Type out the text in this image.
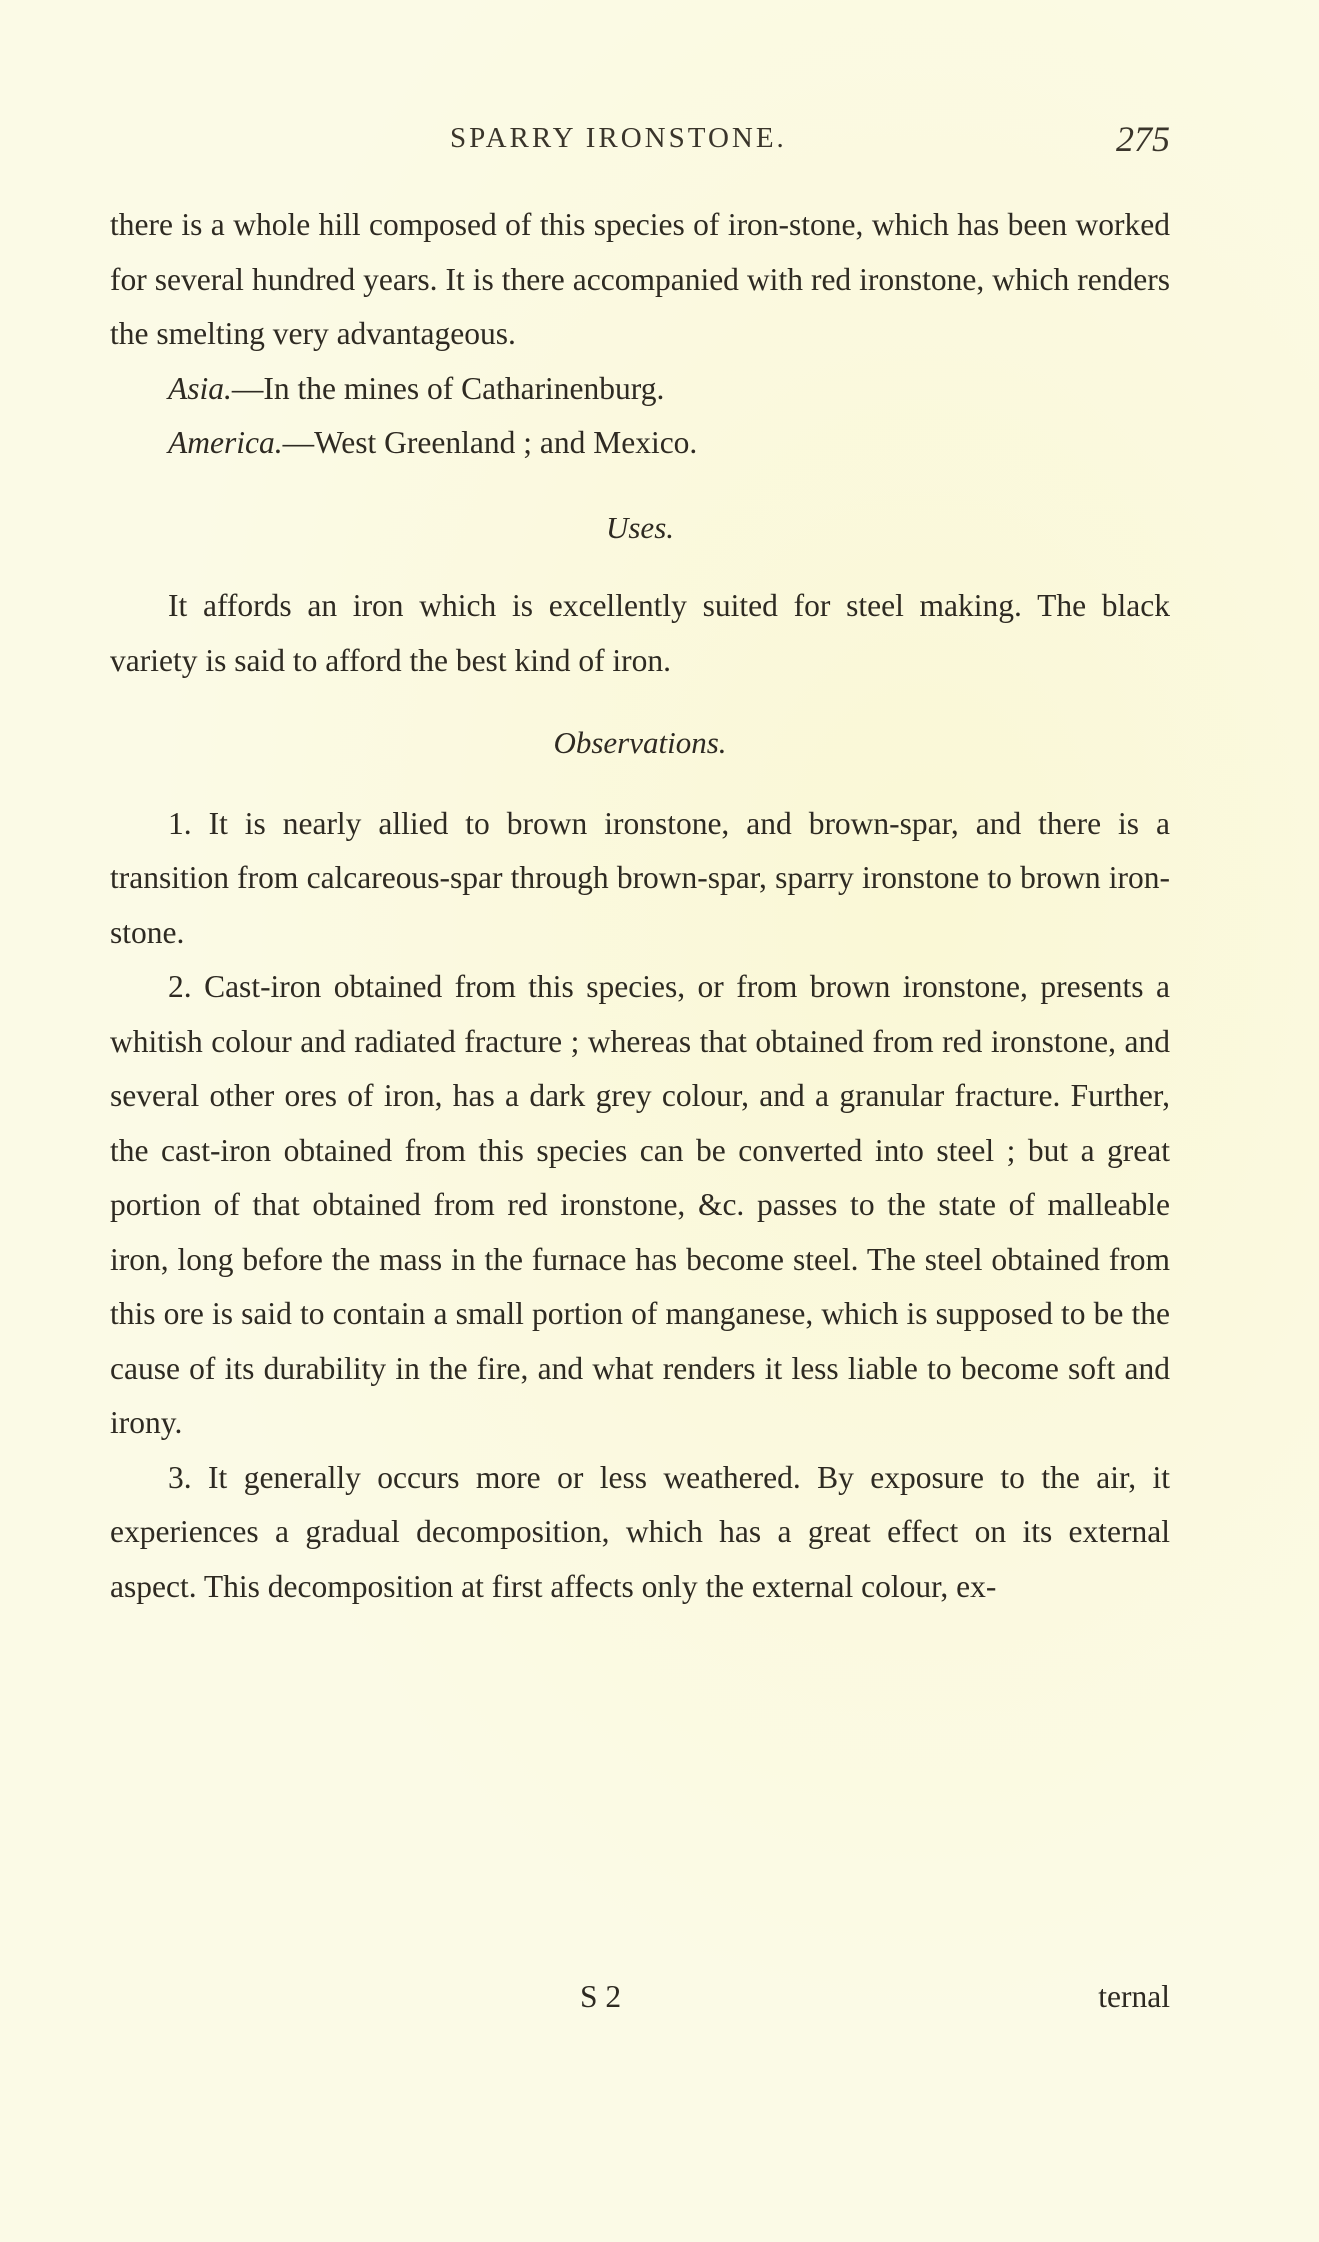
SPARRY IRONSTONE.	275

there is a whole hill composed of this species of iron-stone, which has been worked for several hundred years. It is there accompanied with red ironstone, which renders the smelting very advantageous.

Asia.—In the mines of Catharinenburg.

America.—West Greenland ; and Mexico.

Uses.

It affords an iron which is excellently suited for steel making. The black variety is said to afford the best kind of iron.

Observations.

1. It is nearly allied to brown ironstone, and brown-spar, and there is a transition from calcareous-spar through brown-spar, sparry ironstone to brown iron-stone.

2. Cast-iron obtained from this species, or from brown ironstone, presents a whitish colour and radiated fracture ; whereas that obtained from red ironstone, and several other ores of iron, has a dark grey colour, and a granular fracture. Further, the cast-iron obtained from this species can be converted into steel ; but a great portion of that obtained from red ironstone, &c. passes to the state of malleable iron, long before the mass in the furnace has become steel. The steel obtained from this ore is said to contain a small portion of manganese, which is supposed to be the cause of its durability in the fire, and what renders it less liable to become soft and irony.

3. It generally occurs more or less weathered. By exposure to the air, it experiences a gradual decomposition, which has a great effect on its external aspect. This decomposition at first affects only the external colour, ex-

S 2	ternal
